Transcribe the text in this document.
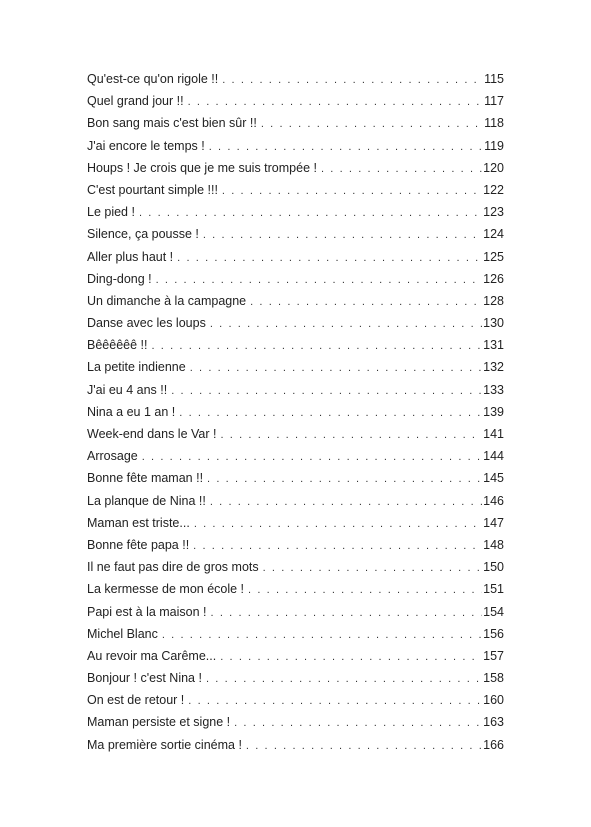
Qu'est-ce qu'on rigole !! . . .	115
Quel grand jour !! . . .	117
Bon sang mais c'est bien sûr !! . . .	118
J'ai encore le temps ! . . .	119
Houps ! Je crois que je me suis trompée ! . . .	120
C'est pourtant simple !!! . . .	122
Le pied ! . . .	123
Silence, ça pousse ! . . .	124
Aller plus haut ! . . .	125
Ding-dong ! . . .	126
Un dimanche à la campagne . . .	128
Danse avec les loups . . .	130
Bêêêêêê !! . . .	131
La petite indienne . . .	132
J'ai eu 4 ans !! . . .	133
Nina a eu 1 an ! . . .	139
Week-end dans le Var ! . . .	141
Arrosage . . .	144
Bonne fête maman !! . . .	145
La planque de Nina !! . . .	146
Maman est triste... . . .	147
Bonne fête papa !! . . .	148
Il ne faut pas dire de gros mots . . .	150
La kermesse de mon école ! . . .	151
Papi est à la maison ! . . .	154
Michel Blanc . . .	156
Au revoir ma Carême... . . .	157
Bonjour ! c'est Nina ! . . .	158
On est de retour ! . . .	160
Maman persiste et signe ! . . .	163
Ma première sortie cinéma ! . . .	166
